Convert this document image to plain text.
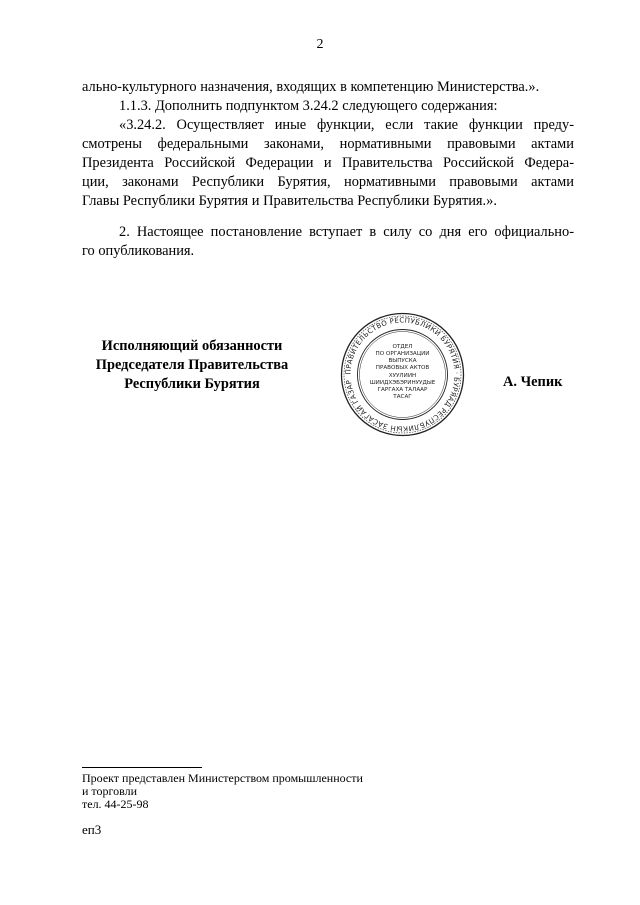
2
ально-культурного назначения, входящих в компетенцию Министерства.».
1.1.3. Дополнить подпунктом 3.24.2 следующего содержания:
«3.24.2. Осуществляет иные функции, если такие функции преду-
смотрены федеральными законами, нормативными правовыми актами
Президента Российской Федерации и Правительства Российской Федера-
ции, законами Республики Бурятия, нормативными правовыми актами
Главы Республики Бурятия и Правительства Республики Бурятия.».
2. Настоящее постановление вступает в силу со дня его официально-
го опубликования.
Исполняющий обязанности
Председателя Правительства
Республики Бурятия
ПРАВИТЕЛЬСТВО РЕСПУБЛИКИ БУРЯТИЯ · БУРЯАД РЕСПУБЛИКЫН ЗАСАГАЙ ГАЗАР
ОТДЕЛ
ПО ОРГАНИЗАЦИИ
ВЫПУСКА
ПРАВОВЫХ АКТОВ
ХУУЛИИН
ШИИДХЭБЭРИНУУДЫЕ
ГАРГАХА ТАЛААР
ТАСАГ
А. Чепик
Проект представлен Министерством промышленности
и торговли
тел. 44-25-98
еп3
